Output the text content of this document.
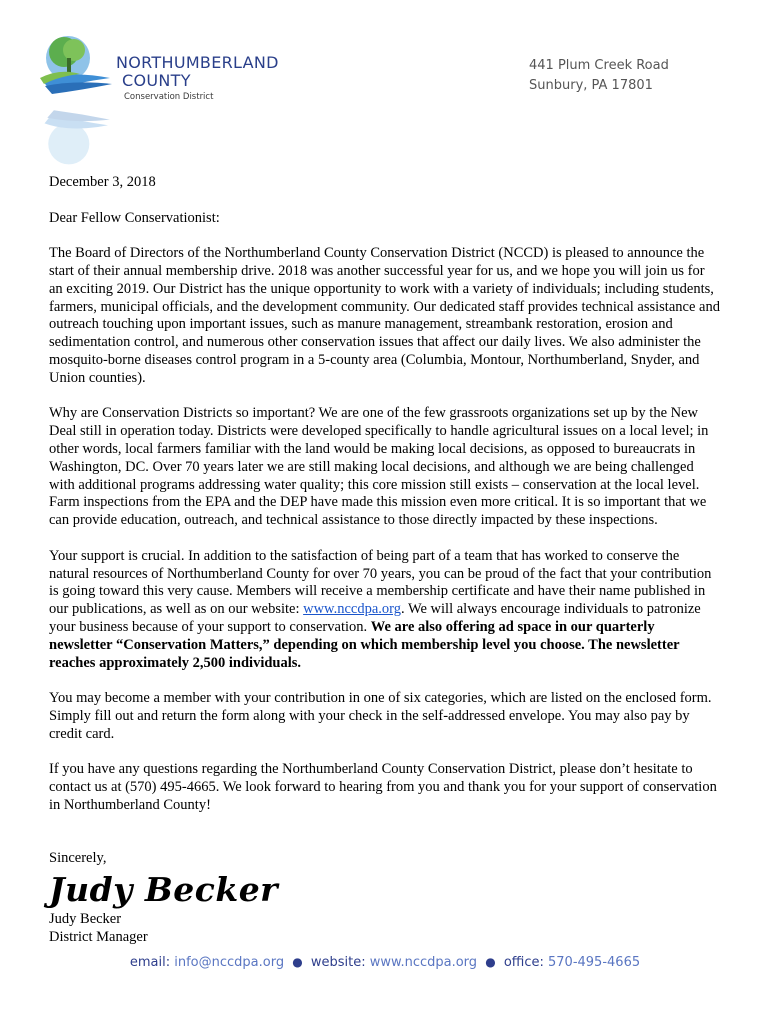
NORTHUMBERLAND
COUNTY
Conservation District
441 Plum Creek Road
Sunbury, PA 17801

December 3, 2018

Dear Fellow Conservationist:

The Board of Directors of the Northumberland County Conservation District (NCCD) is pleased to announce the start of their annual membership drive. 2018 was another successful year for us, and we hope you will join us for an exciting 2019. Our District has the unique opportunity to work with a variety of individuals; including students, farmers, municipal officials, and the development community. Our dedicated staff provides technical assistance and outreach touching upon important issues, such as manure management, streambank restoration, erosion and sedimentation control, and numerous other conservation issues that affect our daily lives. We also administer the mosquito-borne diseases control program in a 5-county area (Columbia, Montour, Northumberland, Snyder, and Union counties).

Why are Conservation Districts so important? We are one of the few grassroots organizations set up by the New Deal still in operation today. Districts were developed specifically to handle agricultural issues on a local level; in other words, local farmers familiar with the land would be making local decisions, as opposed to bureaucrats in Washington, DC. Over 70 years later we are still making local decisions, and although we are being challenged with additional programs addressing water quality; this core mission still exists – conservation at the local level. Farm inspections from the EPA and the DEP have made this mission even more critical. It is so important that we can provide education, outreach, and technical assistance to those directly impacted by these inspections.

Your support is crucial. In addition to the satisfaction of being part of a team that has worked to conserve the natural resources of Northumberland County for over 70 years, you can be proud of the fact that your contribution is going toward this very cause. Members will receive a membership certificate and have their name published in our publications, as well as on our website: www.nccdpa.org. We will always encourage individuals to patronize your business because of your support to conservation. We are also offering ad space in our quarterly newsletter “Conservation Matters,” depending on which membership level you choose. The newsletter reaches approximately 2,500 individuals.

You may become a member with your contribution in one of six categories, which are listed on the enclosed form. Simply fill out and return the form along with your check in the self-addressed envelope. You may also pay by credit card.

If you have any questions regarding the Northumberland County Conservation District, please don’t hesitate to contact us at (570) 495-4665. We look forward to hearing from you and thank you for your support of conservation in Northumberland County!

Sincerely,
Judy Becker
Judy Becker
District Manager
email: info@nccdpa.org ● website: www.nccdpa.org ● office: 570-495-4665
